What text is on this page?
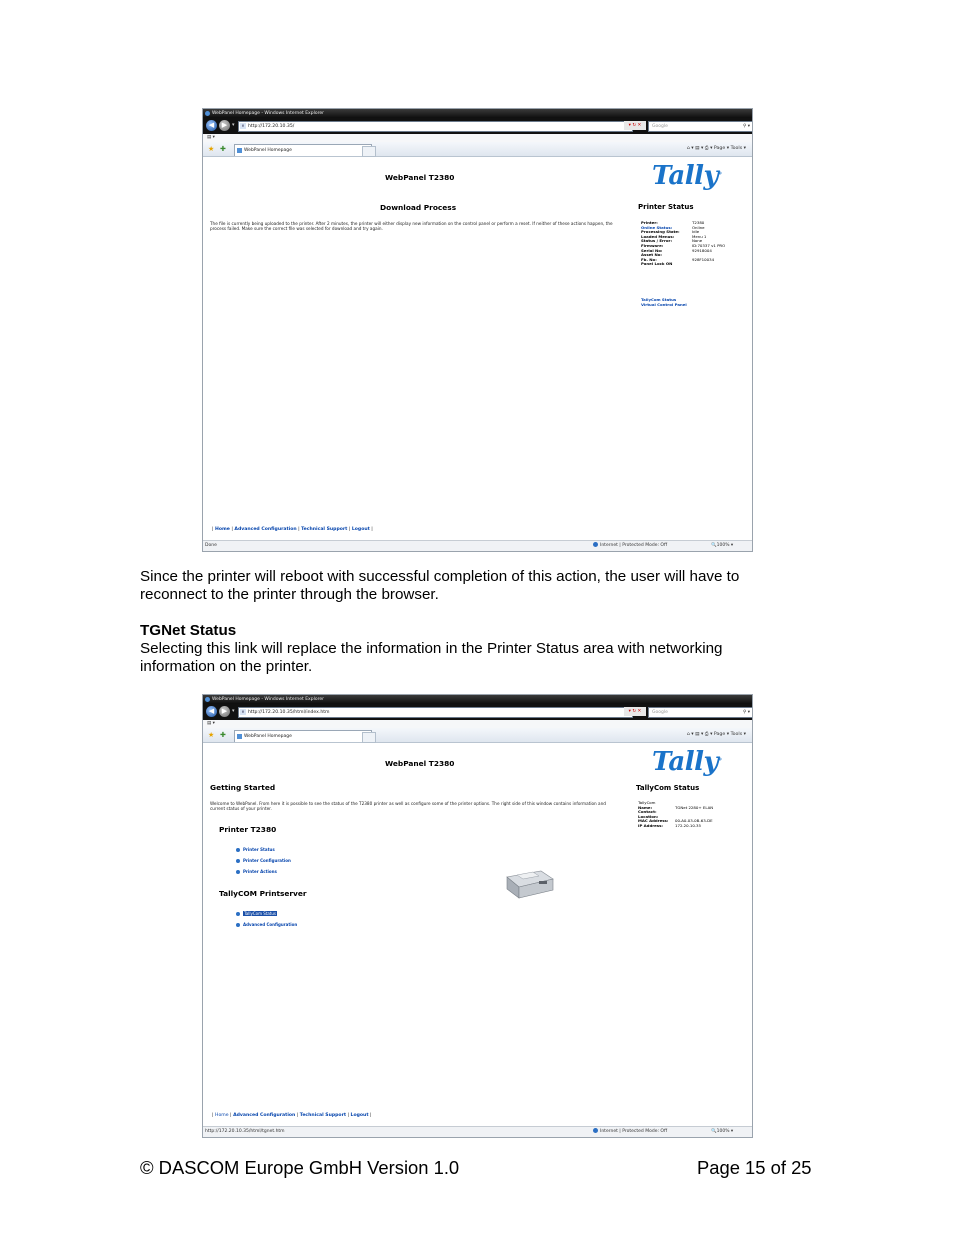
WebPanel Homepage - Windows Internet Explorer
◀	▶ ▾	e http://172.20.10.35/	▾ ↻ ✕	Google	⚲ ▾
▤ ▾
★ ✚	WebPanel Homepage	⌂ ▾ ▤ ▾ ⎙ ▾ Page ▾ Tools ▾
WebPanel T2380	Tally®
Download Process
The file is currently being uploaded to the printer. After 2 minutes, the printer will either display new information on the control panel or perform a reset. If neither of these actions happen, the process failed. Make sure the correct file was selected for download and try again.
Printer Status
Printer:	T2380
Online Status:	Online
Processing State:	Idle
Loaded Menus:	Menu 1
Status / Error:	None
Firmware:	ID:70337 v1 PRO
Serial No:	92918004
Asset No:
Fb. No:	928F10034
Panel Lock ON
TallyCom Status
Virtual Control Panel
| Home | Advanced Configuration | Technical Support | Logout |
Done	Internet | Protected Mode: Off	🔍100% ▾
Since the printer will reboot with successful completion of this action, the user will have to reconnect to the printer through the browser.
TGNet Status
Selecting this link will replace the information in the Printer Status area with networking information on the printer.
WebPanel Homepage - Windows Internet Explorer
◀	▶ ▾	e http://172.20.10.35/html/index.htm	▾ ↻ ✕	Google	⚲ ▾
▤ ▾
★ ✚	WebPanel Homepage	⌂ ▾ ▤ ▾ ⎙ ▾ Page ▾ Tools ▾
WebPanel T2380	Tally®
Getting Started
Welcome to WebPanel. From here it is possible to see the status of the T2380 printer as well as configure some of the printer options. The right side of this window contains information and current status of your printer.
Printer T2380
Printer Status
Printer Configuration
Printer Actions
TallyCOM Printserver
TallyCom Status
Advanced Configuration
TallyCom Status
TallyCom
Name:	TGNet 2280+ ELAN
Contact:
Location:
MAC Address: 00-A0-03-0B-63-DE
IP Address:	172.20.10.35
| Home | Advanced Configuration | Technical Support | Logout |
http://172.20.10.35/html/tgnet.htm	Internet | Protected Mode: Off	🔍100% ▾
© DASCOM Europe GmbH Version 1.0	Page 15 of 25
